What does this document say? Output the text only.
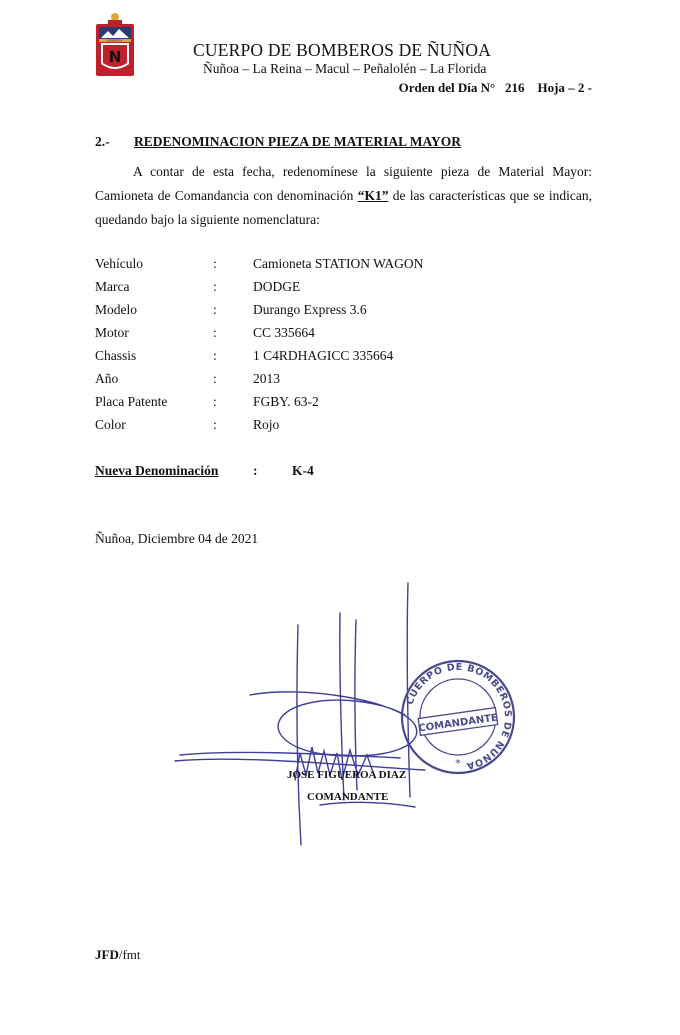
BOMBEROS
N	CUERPO DE BOMBEROS DE ÑUÑOA
Ñuñoa – La Reina – Macul – Peñalolén – La Florida
Orden del Día N° 216 Hoja – 2 -
2.- REDENOMINACION PIEZA DE MATERIAL MAYOR
A contar de esta fecha, redenomínese la siguiente pieza de Material Mayor: Camioneta de Comandancia con denominación “K1” de las características que se indican, quedando bajo la siguiente nomenclatura:
Vehículo	:	Camioneta STATION WAGON
Marca	:	DODGE
Modelo	:	Durango Express 3.6
Motor	:	CC 335664
Chassis	:	1 C4RDHAGICC 335664
Año	:	2013
Placa Patente	:	FGBY. 63-2
Color	:	Rojo
Nueva Denominación	:	K-4
Ñuñoa, Diciembre 04 de 2021
CUERPO DE BOMBEROS DE ÑUÑOA
COMANDANTE
*
JOSE FIGUEROA DIAZ
COMANDANTE
JFD/fmt
